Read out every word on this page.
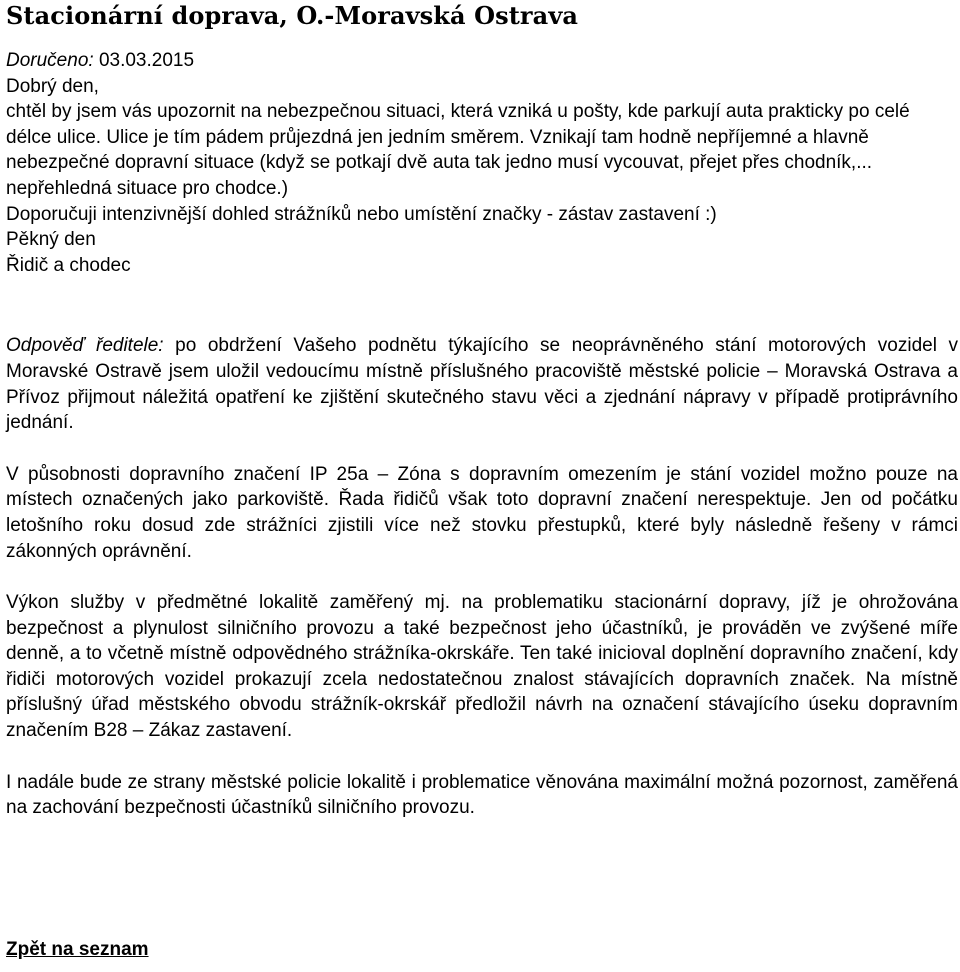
Stacionární doprava, O.-Moravská Ostrava

Doručeno: 03.03.2015

Dobrý den,

chtěl by jsem vás upozornit na nebezpečnou situaci, která vzniká u pošty, kde parkují auta prakticky po celé délce ulice. Ulice je tím pádem průjezdná jen jedním směrem. Vznikají tam hodně nepříjemné a hlavně nebezpečné dopravní situace (když se potkají dvě auta tak jedno musí vycouvat, přejet přes chodník,... nepřehledná situace pro chodce.)

Doporučuji intenzivnější dohled strážníků nebo umístění značky - zástav zastavení :)

Pěkný den

Řidič a chodec

Odpověď ředitele: po obdržení Vašeho podnětu týkajícího se neoprávněného stání motorových vozidel v Moravské Ostravě jsem uložil vedoucímu místně příslušného pracoviště městské policie – Moravská Ostrava a Přívoz přijmout náležitá opatření ke zjištění skutečného stavu věci a zjednání nápravy v případě protiprávního jednání.

V působnosti dopravního značení IP 25a – Zóna s dopravním omezením je stání vozidel možno pouze na místech označených jako parkoviště. Řada řidičů však toto dopravní značení nerespektuje. Jen od počátku letošního roku dosud zde strážníci zjistili více než stovku přestupků, které byly následně řešeny v rámci zákonných oprávnění.

Výkon služby v předmětné lokalitě zaměřený mj. na problematiku stacionární dopravy, jíž je ohrožována bezpečnost a plynulost silničního provozu a také bezpečnost jeho účastníků, je prováděn ve zvýšené míře denně, a to včetně místně odpovědného strážníka-okrskáře. Ten také inicioval doplnění dopravního značení, kdy řidiči motorových vozidel prokazují zcela nedostatečnou znalost stávajících dopravních značek. Na místně příslušný úřad městského obvodu strážník-okrskář předložil návrh na označení stávajícího úseku dopravním značením B28 – Zákaz zastavení.

I nadále bude ze strany městské policie lokalitě i problematice věnována maximální možná pozornost, zaměřená na zachování bezpečnosti účastníků silničního provozu.

Zpět na seznam
